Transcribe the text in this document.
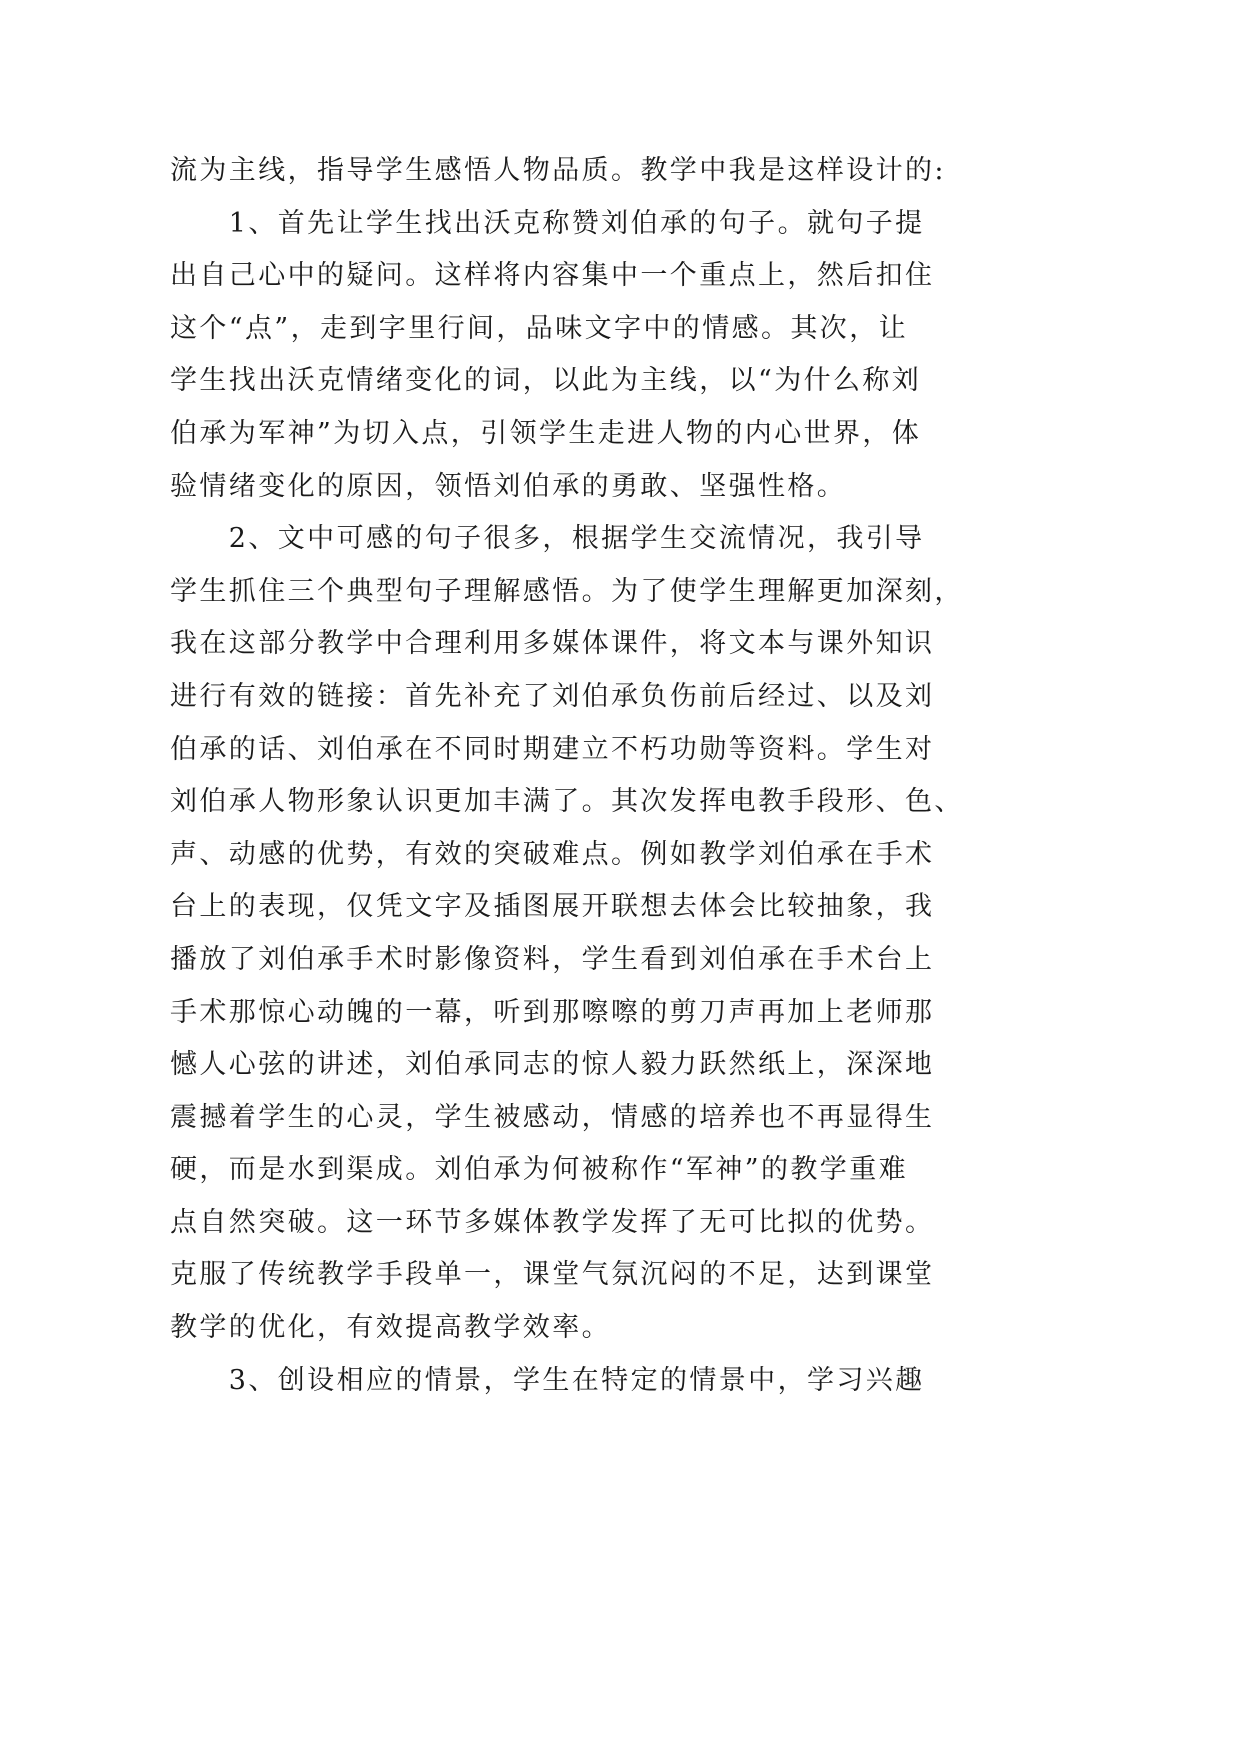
流为主线，指导学生感悟人物品质。教学中我是这样设计的:
　　1、首先让学生找出沃克称赞刘伯承的句子。就句子提
出自己心中的疑问。这样将内容集中一个重点上，然后扣住
这个“点”，走到字里行间，品味文字中的情感。其次，让
学生找出沃克情绪变化的词，以此为主线，以“为什么称刘
伯承为军神”为切入点，引领学生走进人物的内心世界，体
验情绪变化的原因，领悟刘伯承的勇敢、坚强性格。
　　2、文中可感的句子很多，根据学生交流情况，我引导
学生抓住三个典型句子理解感悟。为了使学生理解更加深刻，
我在这部分教学中合理利用多媒体课件，将文本与课外知识
进行有效的链接：首先补充了刘伯承负伤前后经过、以及刘
伯承的话、刘伯承在不同时期建立不朽功勋等资料。学生对
刘伯承人物形象认识更加丰满了。其次发挥电教手段形、色、
声、动感的优势，有效的突破难点。例如教学刘伯承在手术
台上的表现，仅凭文字及插图展开联想去体会比较抽象，我
播放了刘伯承手术时影像资料，学生看到刘伯承在手术台上
手术那惊心动魄的一幕，听到那嚓嚓的剪刀声再加上老师那
憾人心弦的讲述，刘伯承同志的惊人毅力跃然纸上，深深地
震撼着学生的心灵，学生被感动，情感的培养也不再显得生
硬，而是水到渠成。刘伯承为何被称作“军神”的教学重难
点自然突破。这一环节多媒体教学发挥了无可比拟的优势。
克服了传统教学手段单一，课堂气氛沉闷的不足，达到课堂
教学的优化，有效提高教学效率。
　　3、创设相应的情景，学生在特定的情景中，学习兴趣
